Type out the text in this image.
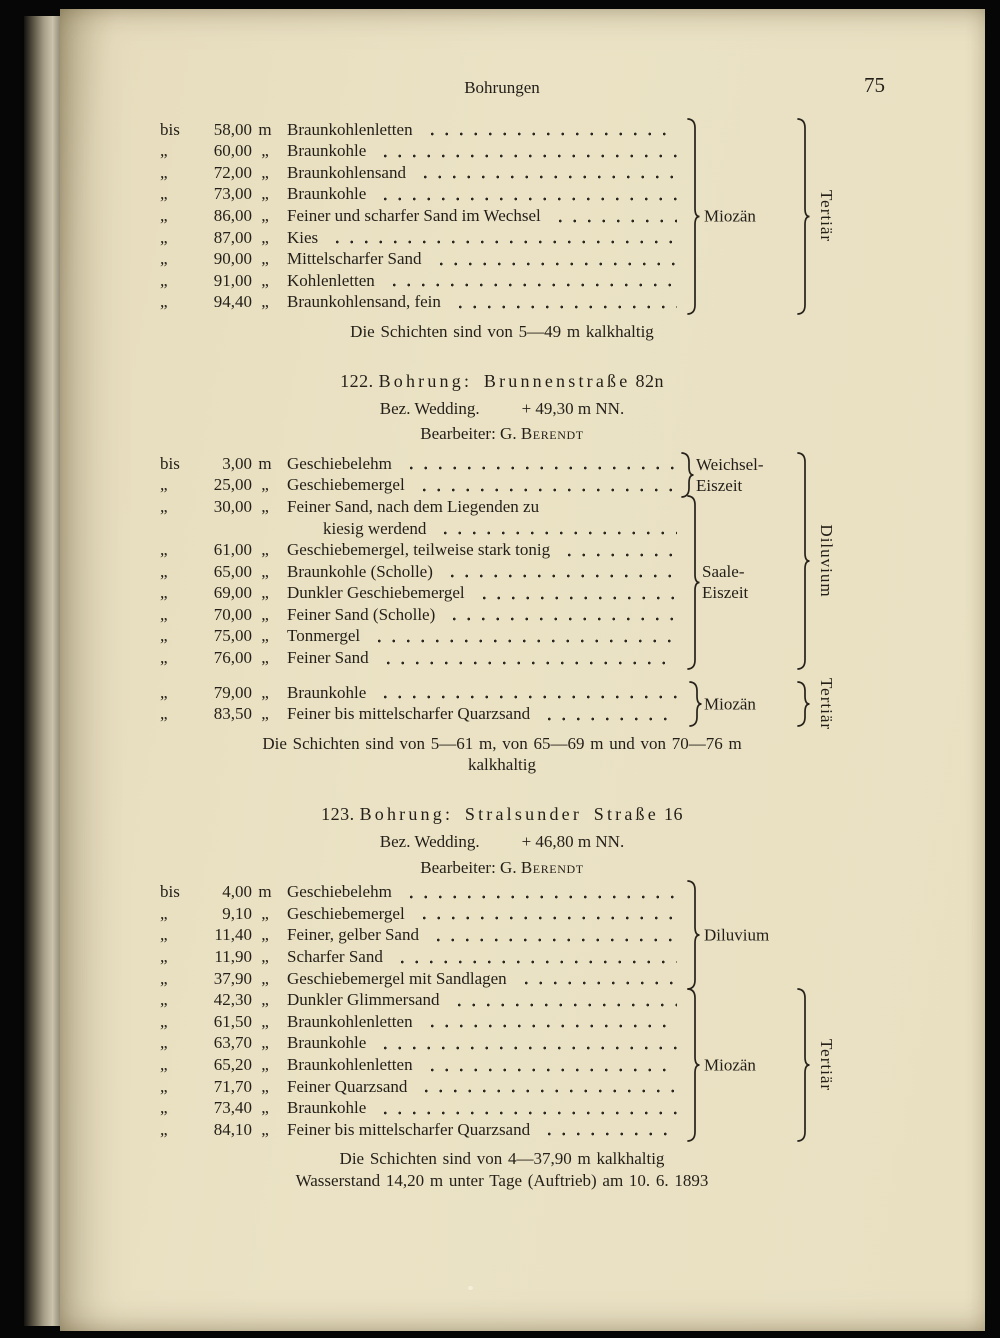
75
Bohrungen
bis	58,00 m Braunkohlenletten
„	60,00 „	Braunkohle
„	72,00 „	Braunkohlensand
„	73,00 „	Braunkohle
„	86,00 „	Feiner und scharfer Sand im Wechsel
„	87,00 „	Kies
„	90,00 „	Mittelscharfer Sand
„	91,00 „	Kohlenletten
„	94,40 „	Braunkohlensand, fein
Miozän	Tertiär
Die Schichten sind von 5—49 m kalkhaltig
122. Bohrung: Brunnenstraße 82n
Bez. Wedding. + 49,30 m NN.
Bearbeiter: G. Berendt
bis	3,00 m Geschiebelehm
„	25,00 „	Geschiebemergel
„	30,00 „	Feiner Sand, nach dem Liegenden zu
kiesig werdend
„	61,00 „	Geschiebemergel, teilweise stark tonig
„	65,00 „	Braunkohle (Scholle)
„	69,00 „	Dunkler Geschiebemergel
„	70,00 „	Feiner Sand (Scholle)
„	75,00 „	Tonmergel
„	76,00 „	Feiner Sand
„	79,00 „	Braunkohle
„	83,50 „	Feiner bis mittelscharfer Quarzsand
Weichsel-
Eiszeit
Saale-
Eiszeit	Diluvium
Miozän	Tertiär
Die Schichten sind von 5—61 m, von 65—69 m und von 70—76 m
kalkhaltig
123. Bohrung: Stralsunder Straße 16
Bez. Wedding. + 46,80 m NN.
Bearbeiter: G. Berendt
bis	4,00 m Geschiebelehm
„	9,10 „	Geschiebemergel
„	11,40 „	Feiner, gelber Sand
„	11,90 „	Scharfer Sand
„	37,90 „	Geschiebemergel mit Sandlagen
„	42,30 „	Dunkler Glimmersand
„	61,50 „	Braunkohlenletten
„	63,70 „	Braunkohle
„	65,20 „	Braunkohlenletten
„	71,70 „	Feiner Quarzsand
„	73,40 „	Braunkohle
„	84,10 „	Feiner bis mittelscharfer Quarzsand
Diluvium
Miozän	Tertiär
Die Schichten sind von 4—37,90 m kalkhaltig
Wasserstand 14,20 m unter Tage (Auftrieb) am 10. 6. 1893
